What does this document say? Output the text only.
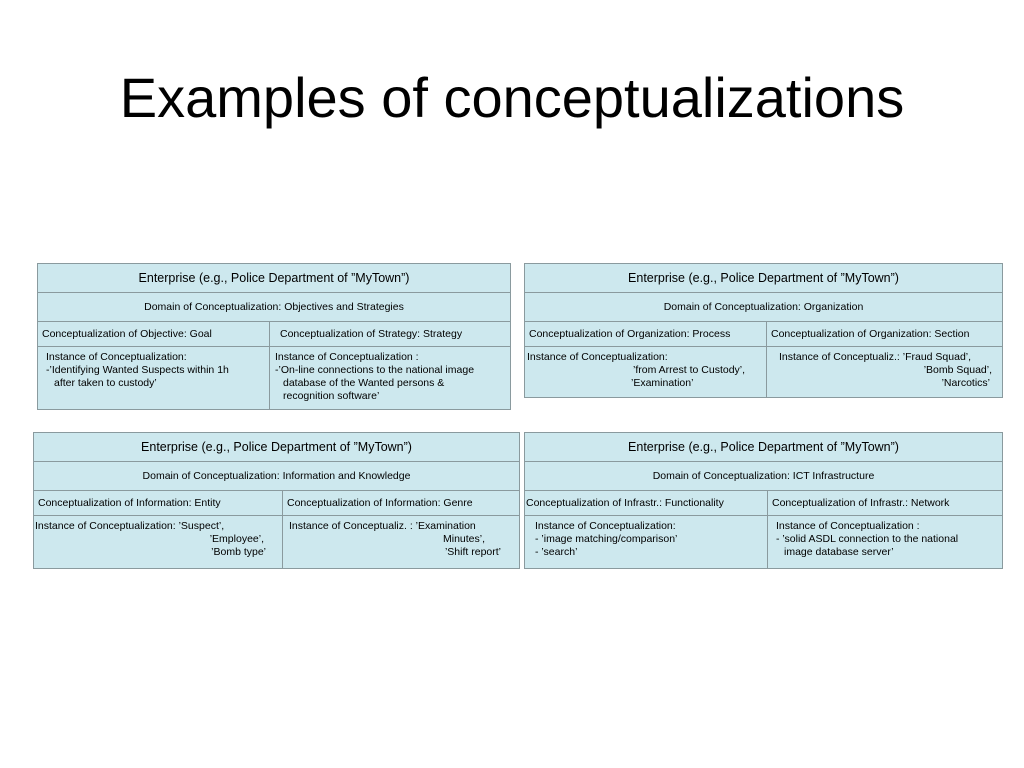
Examples of conceptualizations
Enterprise (e.g., Police Department of ”MyTown”)	
Domain of Conceptualization: Objectives and Strategies	
Conceptualization of Objective: Goal	Conceptualization of Strategy: Strategy

Instance of Conceptualization:
-’Identifying Wanted Suspects within 1h
after taken to custody’	Instance of Conceptualization :
-’On-line connections to the national image
database of the Wanted persons &
recognition software’
Enterprise (e.g., Police Department of ”MyTown”)	
Domain of Conceptualization: Organization	
Conceptualization of Organization: Process	Conceptualization of Organization: Section

Instance of Conceptualization:
’from Arrest to Custody’,
’Examination’	Instance of Conceptualiz.: ’Fraud Squad’,
’Bomb Squad’,
’Narcotics’
Enterprise (e.g., Police Department of ”MyTown”)	
Domain of Conceptualization: Information and Knowledge	
Conceptualization of Information: Entity	Conceptualization of Information: Genre

Instance of Conceptualization: ’Suspect’,
’Employee’,
’Bomb type’	Instance of Conceptualiz. : ’Examination
Minutes’,
’Shift report’
Enterprise (e.g., Police Department of ”MyTown”)	
Domain of Conceptualization: ICT Infrastructure	
Conceptualization of Infrastr.: Functionality	Conceptualization of Infrastr.: Network

Instance of Conceptualization:
- ’image matching/comparison’
- ’search’	Instance of Conceptualization :
- ’solid ASDL connection to the national
image database server’
